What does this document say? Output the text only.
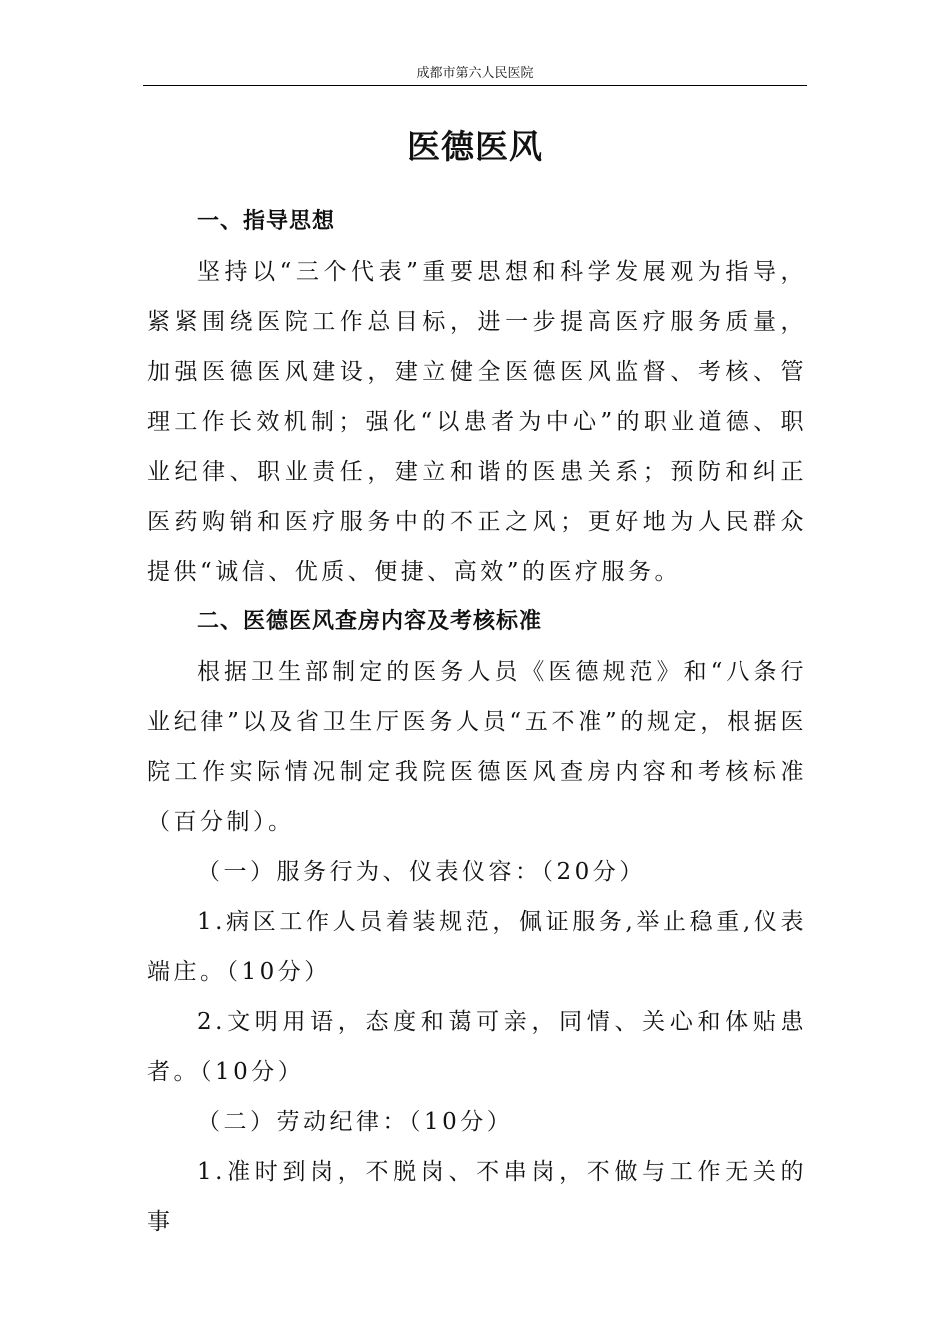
成都市第六人民医院
医德医风

一、指导思想

坚持以“三个代表”重要思想和科学发展观为指导，紧紧围绕医院工作总目标，进一步提高医疗服务质量，加强医德医风建设，建立健全医德医风监督、考核、管理工作长效机制；强化“以患者为中心”的职业道德、职业纪律、职业责任，建立和谐的医患关系；预防和纠正医药购销和医疗服务中的不正之风；更好地为人民群众提供“诚信、优质、便捷、高效”的医疗服务。

二、医德医风查房内容及考核标准

根据卫生部制定的医务人员《医德规范》和“八条行业纪律”以及省卫生厅医务人员“五不准”的规定，根据医院工作实际情况制定我院医德医风查房内容和考核标准（百分制）。

（一）服务行为、仪表仪容：（20分）

1.病区工作人员着装规范，佩证服务,举止稳重,仪表端庄。（10分）

2.文明用语，态度和蔼可亲，同情、关心和体贴患者。（10分）

（二）劳动纪律：（10分）

1.准时到岗，不脱岗、不串岗，不做与工作无关的事
